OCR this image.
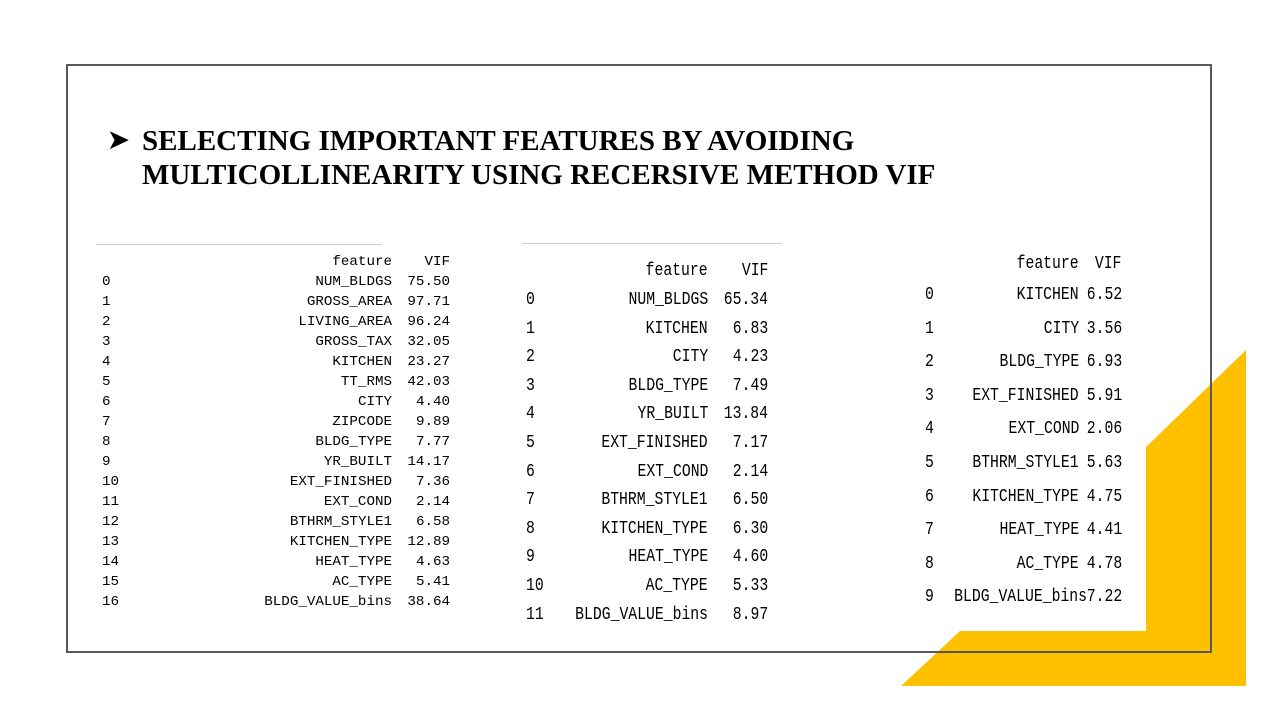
➤ SELECTING IMPORTANT FEATURES BY AVOIDING
MULTICOLLINEARITY USING RECERSIVE METHOD VIF
feature	VIF
0	NUM_BLDGS	75.50
1	GROSS_AREA	97.71
2	LIVING_AREA	96.24
3	GROSS_TAX	32.05
4	KITCHEN	23.27
5	TT_RMS	42.03
6	CITY	4.40
7	ZIPCODE	9.89
8	BLDG_TYPE	7.77
9	YR_BUILT	14.17
10	EXT_FINISHED	7.36
11	EXT_COND	2.14
12	BTHRM_STYLE1	6.58
13	KITCHEN_TYPE	12.89
14	HEAT_TYPE	4.63
15	AC_TYPE	5.41
16	BLDG_VALUE_bins	38.64
feature	VIF
0	NUM_BLDGS 65.34
1	KITCHEN	6.83
2	CITY	4.23
3	BLDG_TYPE	7.49
4	YR_BUILT 13.84
5	EXT_FINISHED	7.17
6	EXT_COND	2.14
7	BTHRM_STYLE1	6.50
8	KITCHEN_TYPE	6.30
9	HEAT_TYPE	4.60
10	AC_TYPE	5.33
11	BLDG_VALUE_bins	8.97
feature VIF
0	KITCHEN 6.52
1	CITY 3.56
2	BLDG_TYPE 6.93
3	EXT_FINISHED 5.91
4	EXT_COND 2.06
5	BTHRM_STYLE1 5.63
6	KITCHEN_TYPE 4.75
7	HEAT_TYPE 4.41
8	AC_TYPE 4.78
9	BLDG_VALUE_bins 7.22
